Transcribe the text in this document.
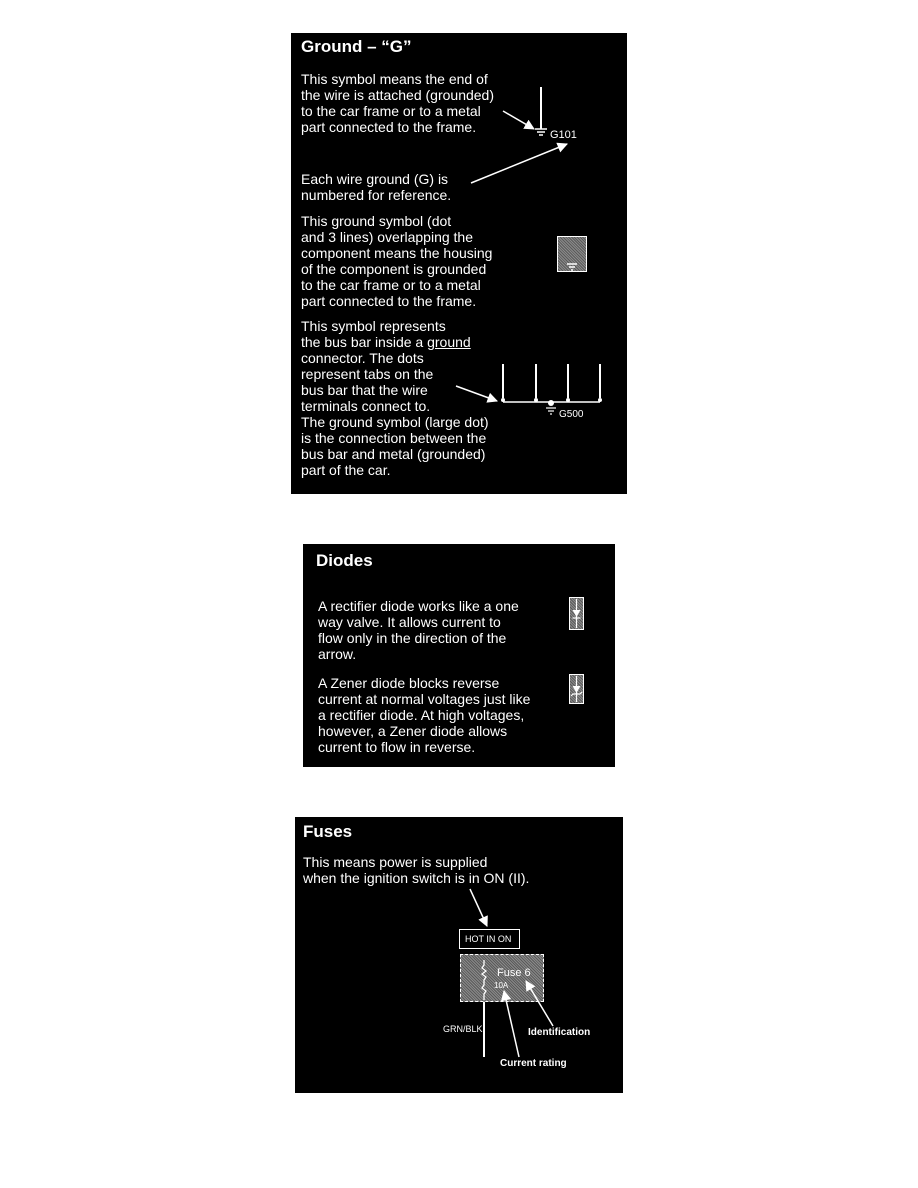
Ground – “G”
This symbol means the end of
the wire is attached (grounded)
to the car frame or to a metal
part connected to the frame.	G101
Each wire ground (G) is
numbered for reference.
This ground symbol (dot
and 3 lines) overlapping the
component means the housing
of the component is grounded
to the car frame or to a metal
part connected to the frame.
This symbol represents
the bus bar inside a ground
connector. The dots
represent tabs on the
bus bar that the wire
terminals connect to.
The ground symbol (large dot)
is the connection between the
bus bar and metal (grounded)
part of the car.
G500
Diodes
A rectifier diode works like a one
way valve. It allows current to
flow only in the direction of the
arrow.
A Zener diode blocks reverse
current at normal voltages just like
a rectifier diode. At high voltages,
however, a Zener diode allows
current to flow in reverse.
Fuses
This means power is supplied
when the ignition switch is in ON (II).
HOT IN ON
Fuse 6
10A
GRN/BLK	Identification
Current rating
